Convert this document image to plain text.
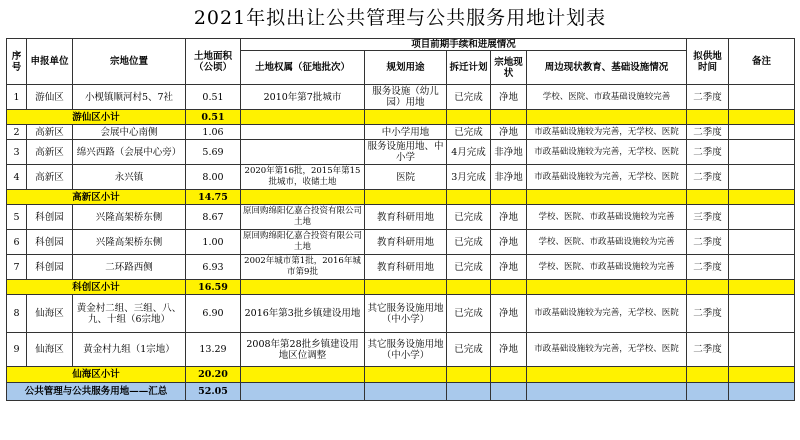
2021年拟出让公共管理与公共服务用地计划表
序号	申报单位	宗地位置	土地面积（公顷）	项目前期手续和进展情况					拟供地时间	备注
				土地权属（征地批次）	规划用途	拆迁计划	宗地现状	周边现状教育、基础设施情况		
1	游仙区	小枧镇顺河村5、7社	0.51	2010年第7批城市	服务设施（幼儿园）用地	已完成	净地	学校、医院、市政基础设施较完善	二季度	
游仙区小计			0.51							
2	高新区	会展中心南侧	1.06		中小学用地	已完成	净地	市政基础设施较为完善，无学校、医院	二季度	
3	高新区	绵兴西路（会展中心旁）	5.69		服务设施用地、中小学	4月完成	非净地	市政基础设施较为完善，无学校、医院	二季度	
4	高新区	永兴镇	8.00	2020年第16批，2015年第15批城市，收储土地	医院	3月完成	非净地	市政基础设施较为完善，无学校、医院	二季度	
高新区小计			14.75							
5	科创园	兴隆高架桥东侧	8.67	原回购绵阳亿嘉合投资有限公司土地	教育科研用地	已完成	净地	学校、医院、市政基础设施较为完善	三季度	
6	科创园	兴隆高架桥东侧	1.00	原回购绵阳亿嘉合投资有限公司土地	教育科研用地	已完成	净地	学校、医院、市政基础设施较为完善	二季度	
7	科创园	二环路西侧	6.93	2002年城市第1批，2016年城市第9批	教育科研用地	已完成	净地	学校、医院、市政基础设施较为完善	二季度	
科创区小计			16.59							
8	仙海区	黄金村二组、三组、八、九、十组（6宗地）	6.90	2016年第3批乡镇建设用地	其它服务设施用地（中小学）	已完成	净地	市政基础设施较为完善，无学校、医院	二季度	
9	仙海区	黄金村九组（1宗地）	13.29	2008年第28批乡镇建设用地区位调整	其它服务设施用地（中小学）	已完成	净地	市政基础设施较为完善，无学校、医院	二季度	
仙海区小计			20.20							
公共管理与公共服务用地——汇总			52.05							
